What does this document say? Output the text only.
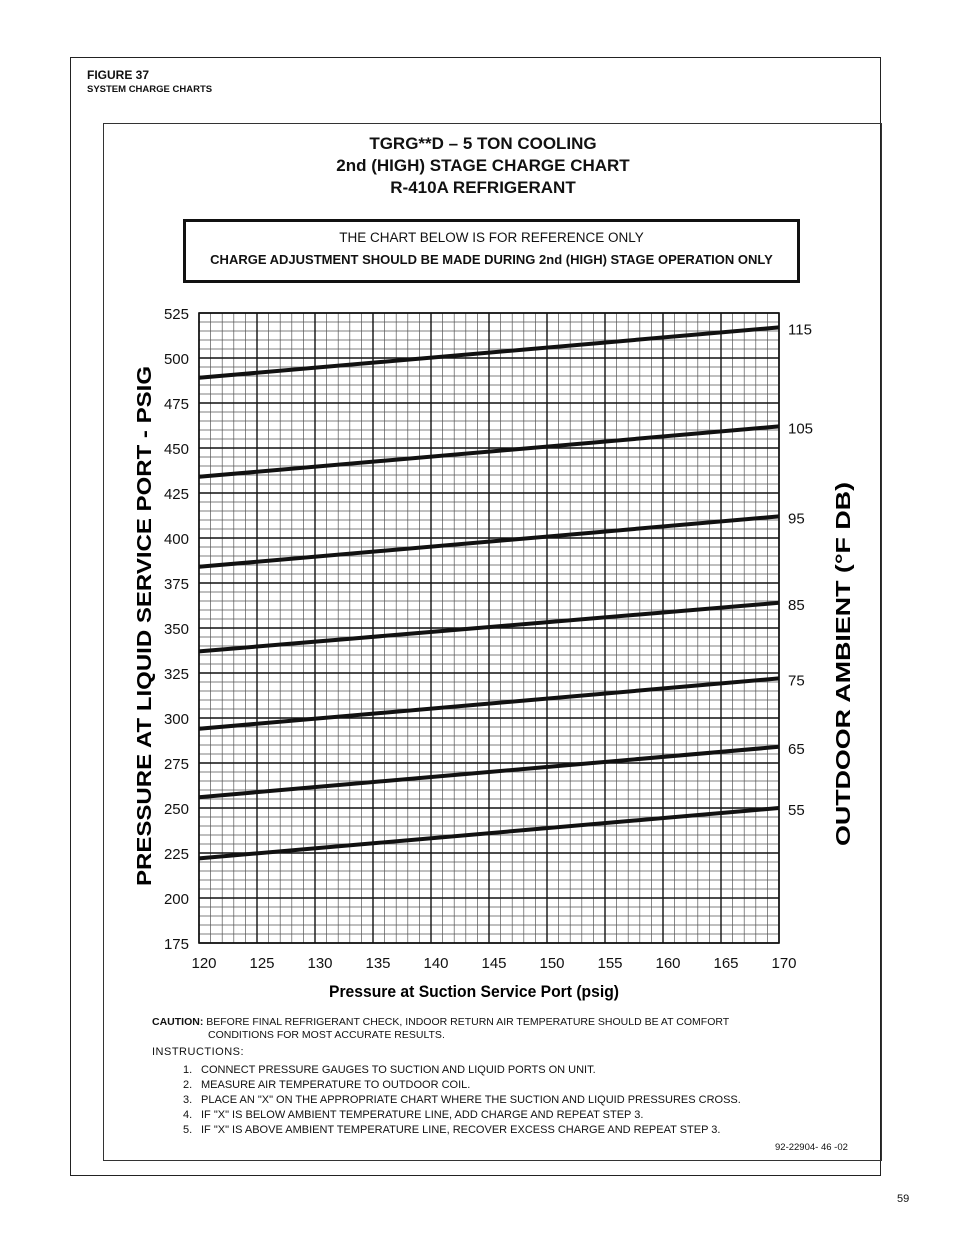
FIGURE 37
SYSTEM CHARGE CHARTS
TGRG**D – 5 TON COOLING
2nd (HIGH) STAGE CHARGE CHART
R-410A REFRIGERANT
THE CHART BELOW IS FOR REFERENCE ONLY
CHARGE ADJUSTMENT SHOULD BE MADE DURING 2nd (HIGH) STAGE OPERATION ONLY
175
200
225
250
275
300
325
350
375
400
425
450
475
500
525
120 125 130 135 140 145 150 155 160 165 170
115
105
95
85
75
65
55
Pressure at Suction Service Port (psig)
PRESSURE AT LIQUID SERVICE PORT - PSIG	OUTDOOR AMBIENT (°F DB)
CAUTION: BEFORE FINAL REFRIGERANT CHECK, INDOOR RETURN AIR TEMPERATURE SHOULD BE AT COMFORT
CONDITIONS FOR MOST ACCURATE RESULTS.
INSTRUCTIONS:
1. CONNECT PRESSURE GAUGES TO SUCTION AND LIQUID PORTS ON UNIT.
2. MEASURE AIR TEMPERATURE TO OUTDOOR COIL.
3. PLACE AN "X" ON THE APPROPRIATE CHART WHERE THE SUCTION AND LIQUID PRESSURES CROSS.
4. IF "X" IS BELOW AMBIENT TEMPERATURE LINE, ADD CHARGE AND REPEAT STEP 3.
5. IF "X" IS ABOVE AMBIENT TEMPERATURE LINE, RECOVER EXCESS CHARGE AND REPEAT STEP 3.
92-22904- 46 -02
59
